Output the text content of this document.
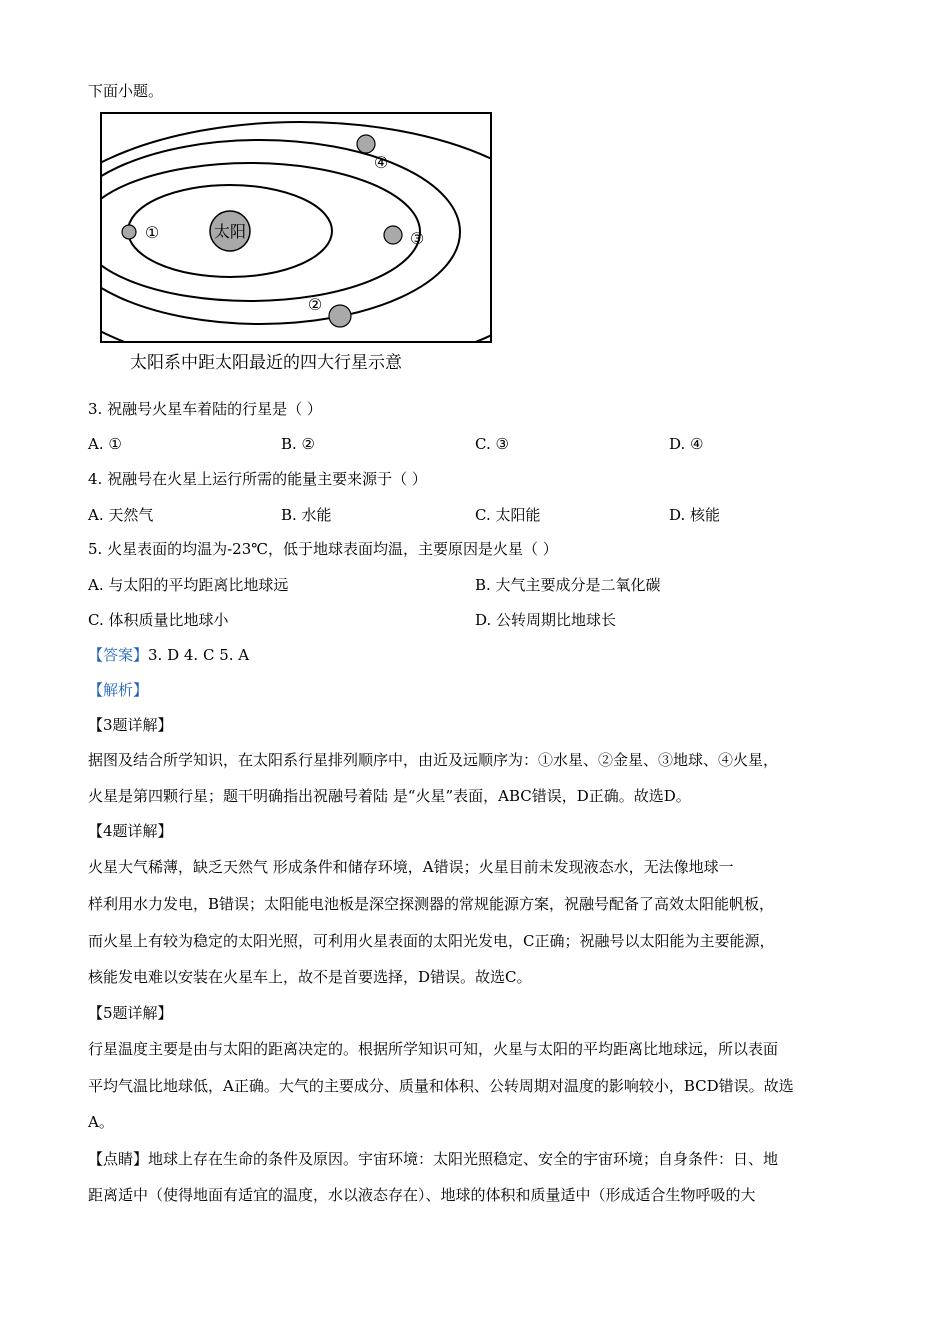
下面小题。
太阳
①
②
③
④
太阳系中距太阳最近的四大行星示意
3. 祝融号火星车着陆的行星是（ ）
A. ①	B. ②	C. ③	D. ④
4. 祝融号在火星上运行所需的能量主要来源于（ ）
A. 天然气	B. 水能	C. 太阳能	D. 核能
5. 火星表面的均温为-23℃，低于地球表面均温，主要原因是火星（ ）
A. 与太阳的平均距离比地球远	B. 大气主要成分是二氧化碳
C. 体积质量比地球小	D. 公转周期比地球长
【答案】3. D 4. C 5. A
【解析】
【3题详解】
据图及结合所学知识，在太阳系行星排列顺序中，由近及远顺序为：①水星、②金星、③地球、④火星，
火星是第四颗行星；题干明确指出祝融号着陆 是“火星”表面，ABC错误，D正确。故选D。
【4题详解】
火星大气稀薄，缺乏天然气 形成条件和储存环境，A错误；火星目前未发现液态水，无法像地球一
样利用水力发电，B错误；太阳能电池板是深空探测器的常规能源方案，祝融号配备了高效太阳能帆板，
而火星上有较为稳定的太阳光照，可利用火星表面的太阳光发电，C正确；祝融号以太阳能为主要能源，
核能发电难以安装在火星车上，故不是首要选择，D错误。故选C。
【5题详解】
行星温度主要是由与太阳的距离决定的。根据所学知识可知，火星与太阳的平均距离比地球远，所以表面
平均气温比地球低，A正确。大气的主要成分、质量和体积、公转周期对温度的影响较小，BCD错误。故选
A。
【点睛】地球上存在生命的条件及原因。宇宙环境：太阳光照稳定、安全的宇宙环境；自身条件：日、地
距离适中（使得地面有适宜的温度，水以液态存在）、地球的体积和质量适中（形成适合生物呼吸的大
